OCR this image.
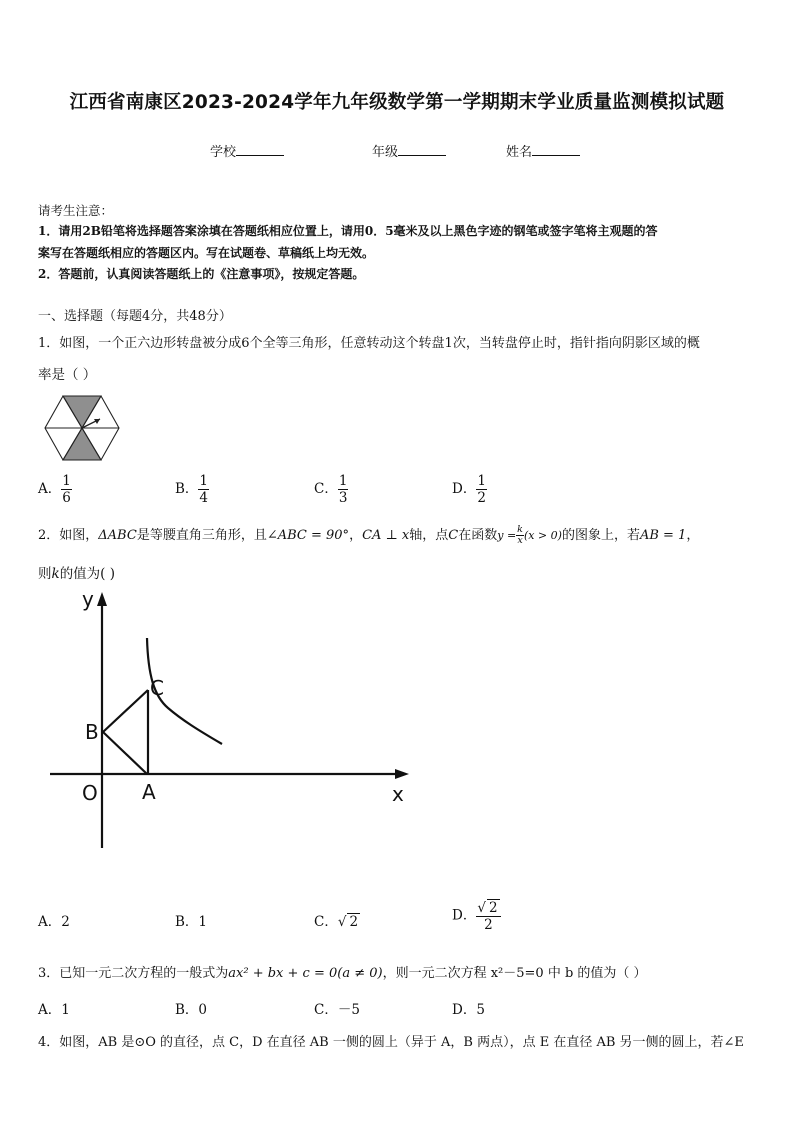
江西省南康区2023-2024学年九年级数学第一学期期末学业质量监测模拟试题
学校	年级	姓名
请考生注意：
1．请用2B铅笔将选择题答案涂填在答题纸相应位置上，请用0．5毫米及以上黑色字迹的钢笔或签字笔将主观题的答
案写在答题纸相应的答题区内。写在试题卷、草稿纸上均无效。
2．答题前，认真阅读答题纸上的《注意事项》，按规定答题。
一、选择题（每题4分，共48分）
1．如图，一个正六边形转盘被分成6个全等三角形，任意转动这个转盘1次，当转盘停止时，指针指向阴影区域的概
率是（ ）
A． $\frac{1}{6}$	B． $\frac{1}{4}$	C． $\frac{1}{3}$	D． $\frac{1}{2}$
2．如图，ΔABC是等腰直角三角形，且∠ABC = 90°，CA ⊥ x轴，点C在函数$y = \frac{k}{x} (x > 0)$的图象上，若AB = 1，
则k的值为( )
y
x
O A
B
C
A．2	B．1	C．√ 2	D． $\frac{√ 2}{2}$
3．已知一元二次方程的一般式为ax² + bx + c = 0(a ≠ 0)，则一元二次方程 x²－5=0 中 b 的值为（ ）
A．1	B．0	C．－5	D．5
4．如图，AB 是⊙O 的直径，点 C，D 在直径 AB 一侧的圆上（异于 A，B 两点），点 E 在直径 AB 另一侧的圆上，若∠E
